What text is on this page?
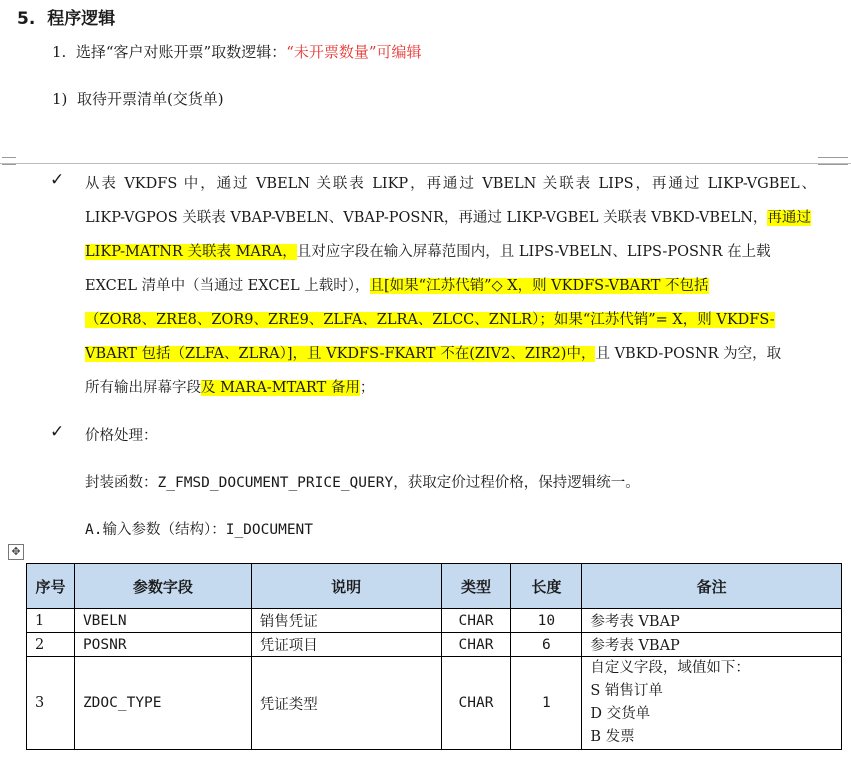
5. 程序逻辑
1. 选择“客户对账开票”取数逻辑：“未开票数量”可编辑
1) 取待开票清单(交货单)
✓ 从表 VKDFS 中，通过 VBELN 关联表 LIKP，再通过 VBELN 关联表 LIPS，再通过 LIKP-VGBEL、
LIKP-VGPOS 关联表 VBAP-VBELN、VBAP-POSNR，再通过 LIKP-VGBEL 关联表 VBKD-VBELN，再通过
LIKP-MATNR 关联表 MARA，且对应字段在输入屏幕范围内，且 LIPS-VBELN、LIPS-POSNR 在上载
EXCEL 清单中（当通过 EXCEL 上载时），且[如果“江苏代销”◇ X，则 VKDFS-VBART 不包括
（ZOR8、ZRE8、ZOR9、ZRE9、ZLFA、ZLRA、ZLCC、ZNLR）；如果“江苏代销”= X，则 VKDFS-
VBART 包括（ZLFA、ZLRA）]，且 VKDFS-FKART 不在(ZIV2、ZIR2)中，且 VBKD-POSNR 为空，取
所有输出屏幕字段及 MARA-MTART 备用；
✓ 价格处理：
封装函数：Z_FMSD_DOCUMENT_PRICE_QUERY，获取定价过程价格，保持逻辑统一。
A.输入参数（结构）：I_DOCUMENT
✥
序号	参数字段	说明	类型	长度	备注
1	VBELN	销售凭证	CHAR	10	参考表 VBAP
2	POSNR	凭证项目	CHAR	6	参考表 VBAP
3	ZDOC_TYPE	凭证类型	CHAR	1	自定义字段，域值如下：
S 销售订单
D 交货单
B 发票
